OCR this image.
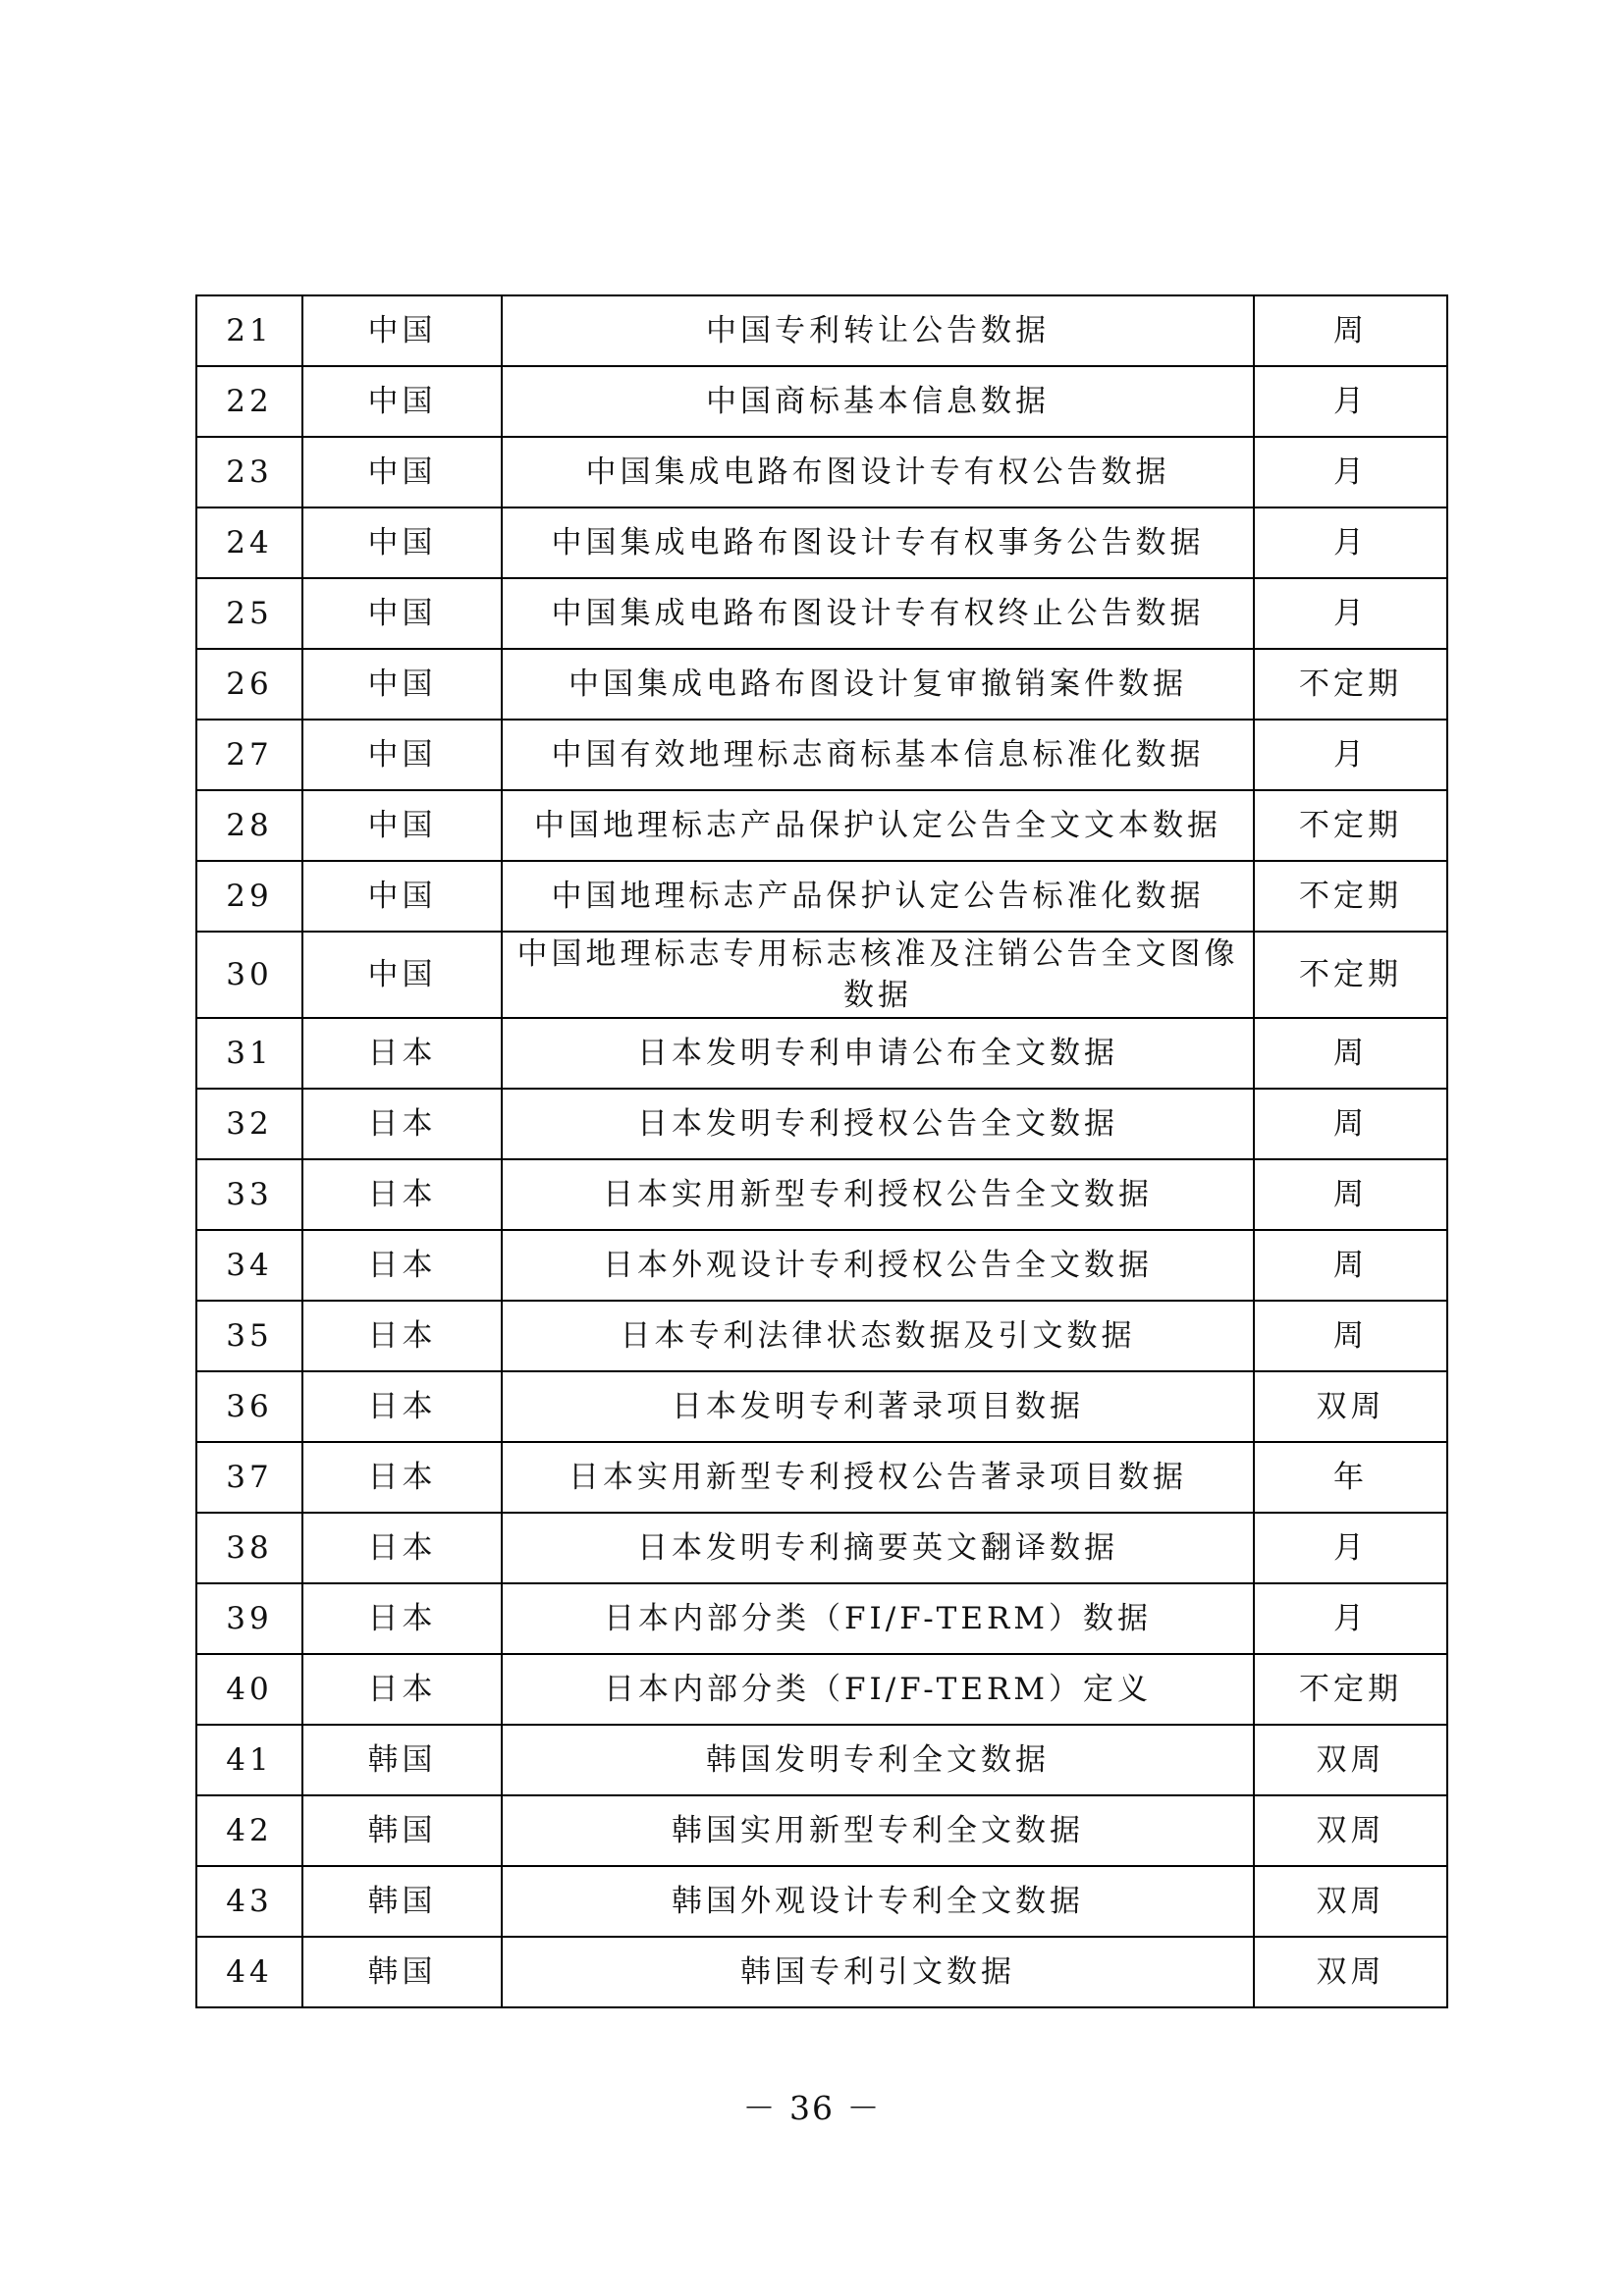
21	中国	中国专利转让公告数据	周
22	中国	中国商标基本信息数据	月
23	中国	中国集成电路布图设计专有权公告数据	月
24	中国	中国集成电路布图设计专有权事务公告数据	月
25	中国	中国集成电路布图设计专有权终止公告数据	月
26	中国	中国集成电路布图设计复审撤销案件数据	不定期
27	中国	中国有效地理标志商标基本信息标准化数据	月
28	中国	中国地理标志产品保护认定公告全文文本数据	不定期
29	中国	中国地理标志产品保护认定公告标准化数据	不定期
30	中国	中国地理标志专用标志核准及注销公告全文图像数据	不定期
31	日本	日本发明专利申请公布全文数据	周
32	日本	日本发明专利授权公告全文数据	周
33	日本	日本实用新型专利授权公告全文数据	周
34	日本	日本外观设计专利授权公告全文数据	周
35	日本	日本专利法律状态数据及引文数据	周
36	日本	日本发明专利著录项目数据	双周
37	日本	日本实用新型专利授权公告著录项目数据	年
38	日本	日本发明专利摘要英文翻译数据	月
39	日本	日本内部分类（FI/F-TERM）数据	月
40	日本	日本内部分类（FI/F-TERM）定义	不定期
41	韩国	韩国发明专利全文数据	双周
42	韩国	韩国实用新型专利全文数据	双周
43	韩国	韩国外观设计专利全文数据	双周
44	韩国	韩国专利引文数据	双周
－ 36 －
